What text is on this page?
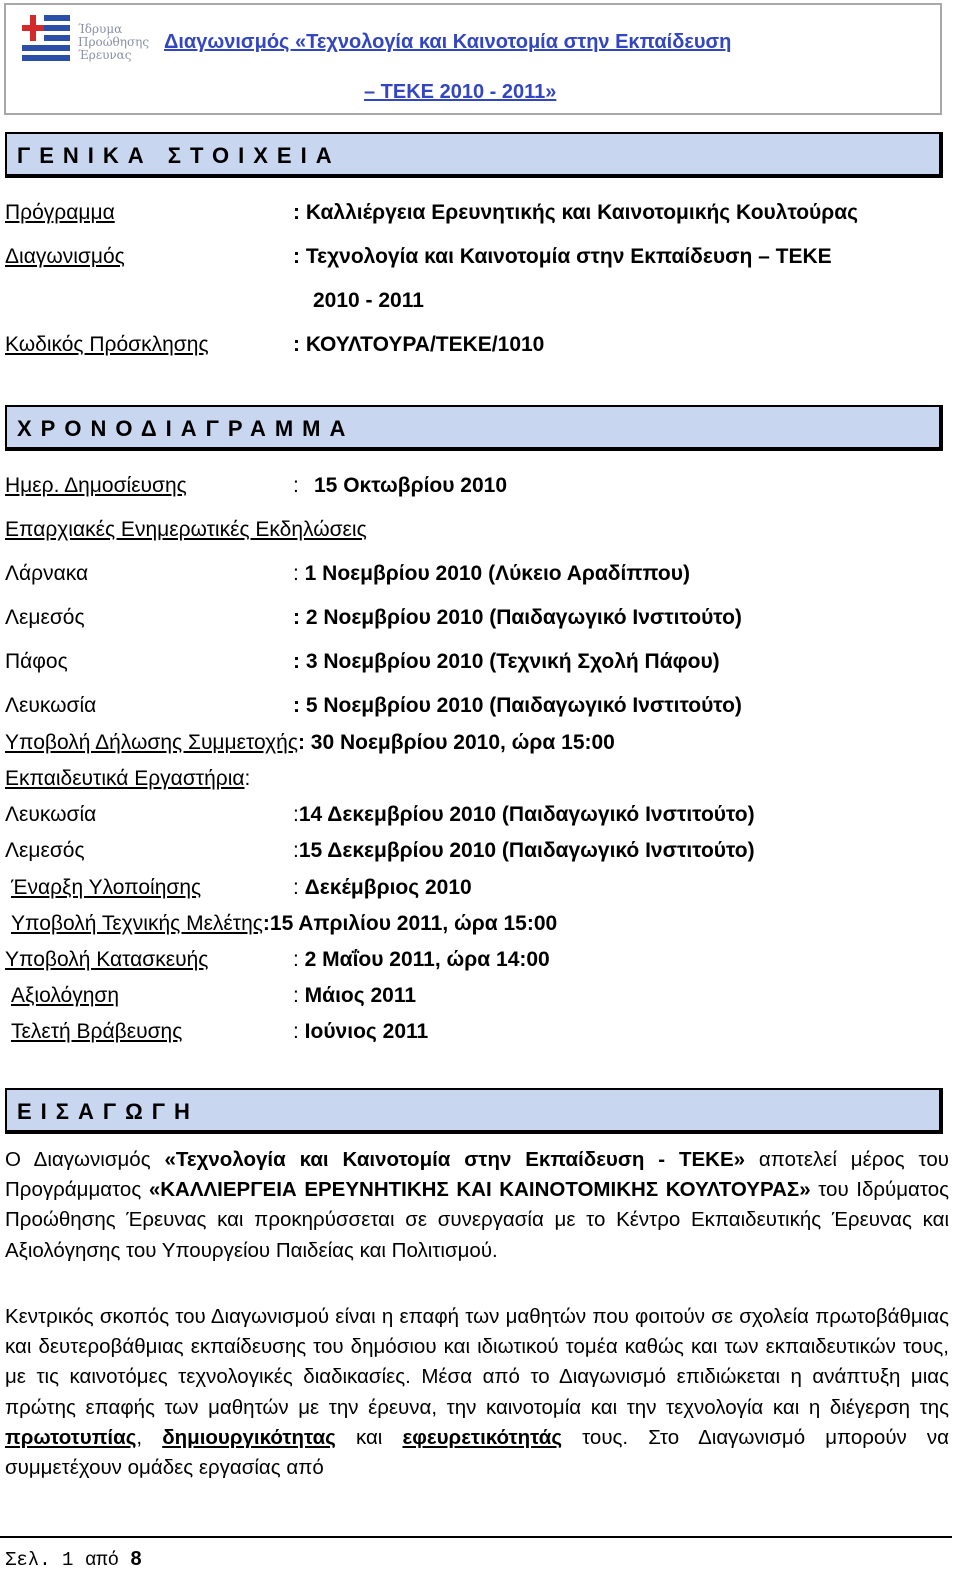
Ίδρυμα
Προώθησης
Έρευνας
Διαγωνισμός «Τεχνολογία και Καινοτομία στην Εκπαίδευση
– ΤΕΚΕ 2010 - 2011»
ΓΕΝΙΚΑ ΣΤΟΙΧΕΙΑ
Πρόγραμμα	: Καλλιέργεια Ερευνητικής και Καινοτομικής Κουλτούρας
Διαγωνισμός	: Τεχνολογία και Καινοτομία στην Εκπαίδευση – ΤΕΚΕ
2010 - 2011
Κωδικός Πρόσκλησης	: ΚΟΥΛΤΟΥΡΑ/ΤΕΚΕ/1010
ΧΡΟΝΟΔΙΑΓΡΑΜΜΑ
Ημερ. Δημοσίευσης	: 15 Οκτωβρίου 2010
Επαρχιακές Ενημερωτικές Εκδηλώσεις
Λάρνακα	: 1 Νοεμβρίου 2010 (Λύκειο Αραδίππου)
Λεμεσός	: 2 Νοεμβρίου 2010 (Παιδαγωγικό Ινστιτούτο)
Πάφος	: 3 Νοεμβρίου 2010 (Τεχνική Σχολή Πάφου)
Λευκωσία	: 5 Νοεμβρίου 2010 (Παιδαγωγικό Ινστιτούτο)
Υποβολή Δήλωσης Συμμετοχής: 30 Νοεμβρίου 2010, ώρα 15:00
Εκπαιδευτικά Εργαστήρια:
Λευκωσία	:14 Δεκεμβρίου 2010 (Παιδαγωγικό Ινστιτούτο)
Λεμεσός	:15 Δεκεμβρίου 2010 (Παιδαγωγικό Ινστιτούτο)
Έναρξη Υλοποίησης	: Δεκέμβριος 2010
Υποβολή Τεχνικής Μελέτης:15 Απριλίου 2011, ώρα 15:00
Υποβολή Κατασκευής	: 2 Μαΐου 2011, ώρα 14:00
Αξιολόγηση	: Μάιος 2011
Τελετή Βράβευσης	: Ιούνιος 2011
ΕΙΣΑΓΩΓΗ
Ο Διαγωνισμός «Τεχνολογία και Καινοτομία στην Εκπαίδευση - ΤΕΚΕ» αποτελεί μέρος του Προγράμματος «ΚΑΛΛΙΕΡΓΕΙΑ ΕΡΕΥΝΗΤΙΚΗΣ ΚΑΙ ΚΑΙΝΟΤΟΜΙΚΗΣ ΚΟΥΛΤΟΥΡΑΣ» του Ιδρύματος Προώθησης Έρευνας και προκηρύσσεται σε συνεργασία με το Κέντρο Εκπαιδευτικής Έρευνας και Αξιολόγησης του Υπουργείου Παιδείας και Πολιτισμού.
Κεντρικός σκοπός του Διαγωνισμού είναι η επαφή των μαθητών που φοιτούν σε σχολεία πρωτοβάθμιας και δευτεροβάθμιας εκπαίδευσης του δημόσιου και ιδιωτικού τομέα καθώς και των εκπαιδευτικών τους, με τις καινοτόμες τεχνολογικές διαδικασίες. Μέσα από το Διαγωνισμό επιδιώκεται η ανάπτυξη μιας πρώτης επαφής των μαθητών με την έρευνα, την καινοτομία και την τεχνολογία και η διέγερση της πρωτοτυπίας, δημιουργικότητας και εφευρετικότητάς τους. Στο Διαγωνισμό μπορούν να συμμετέχουν ομάδες εργασίας από
Σελ. 1 από 8
